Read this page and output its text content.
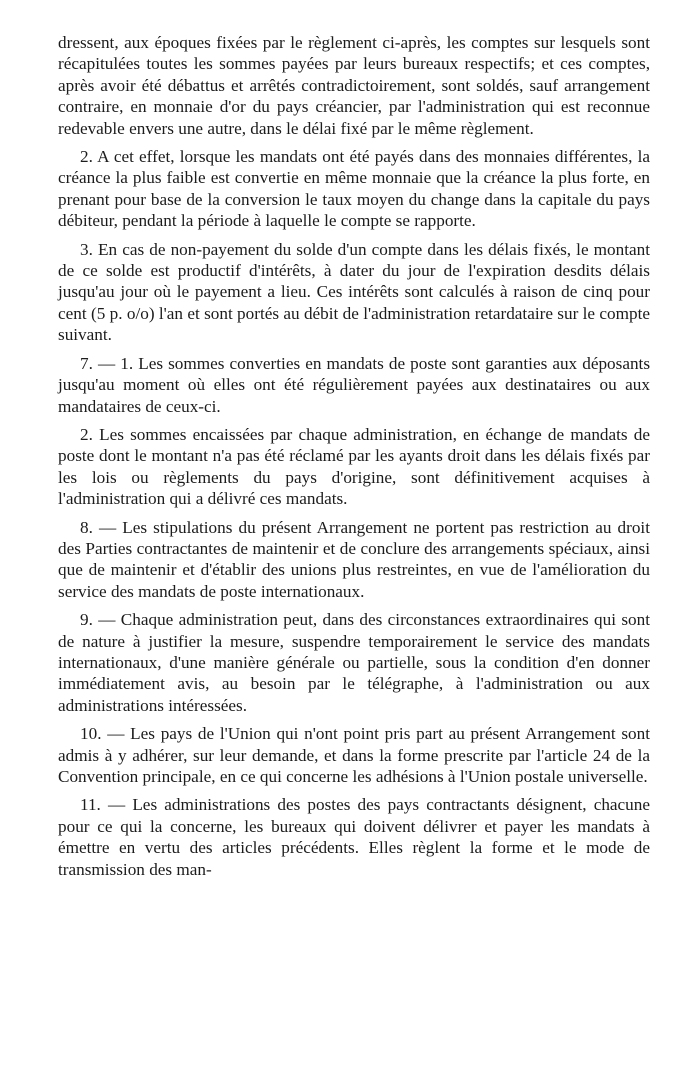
dressent, aux époques fixées par le règlement ci-après, les comptes sur lesquels sont récapitulées toutes les sommes payées par leurs bureaux respectifs; et ces comptes, après avoir été débattus et arrêtés contradictoirement, sont soldés, sauf arrangement contraire, en monnaie d'or du pays créancier, par l'administration qui est reconnue redevable envers une autre, dans le délai fixé par le même règlement.

2. A cet effet, lorsque les mandats ont été payés dans des monnaies différentes, la créance la plus faible est convertie en même monnaie que la créance la plus forte, en prenant pour base de la conversion le taux moyen du change dans la capitale du pays débiteur, pendant la période à laquelle le compte se rapporte.

3. En cas de non-payement du solde d'un compte dans les délais fixés, le montant de ce solde est productif d'intérêts, à dater du jour de l'expiration desdits délais jusqu'au jour où le payement a lieu. Ces intérêts sont calculés à raison de cinq pour cent (5 p. o/o) l'an et sont portés au débit de l'administration retardataire sur le compte suivant.

7. — 1. Les sommes converties en mandats de poste sont garanties aux déposants jusqu'au moment où elles ont été régulièrement payées aux destinataires ou aux mandataires de ceux-ci.

2. Les sommes encaissées par chaque administration, en échange de mandats de poste dont le montant n'a pas été réclamé par les ayants droit dans les délais fixés par les lois ou règlements du pays d'origine, sont définitivement acquises à l'administration qui a délivré ces mandats.

8. — Les stipulations du présent Arrangement ne portent pas restriction au droit des Parties contractantes de maintenir et de conclure des arrangements spéciaux, ainsi que de maintenir et d'établir des unions plus restreintes, en vue de l'amélioration du service des mandats de poste internationaux.

9. — Chaque administration peut, dans des circonstances extraordinaires qui sont de nature à justifier la mesure, suspendre temporairement le service des mandats internationaux, d'une manière générale ou partielle, sous la condition d'en donner immédiatement avis, au besoin par le télégraphe, à l'administration ou aux administrations intéressées.

10. — Les pays de l'Union qui n'ont point pris part au présent Arrangement sont admis à y adhérer, sur leur demande, et dans la forme prescrite par l'article 24 de la Convention principale, en ce qui concerne les adhésions à l'Union postale universelle.

11. — Les administrations des postes des pays contractants désignent, chacune pour ce qui la concerne, les bureaux qui doivent délivrer et payer les mandats à émettre en vertu des articles précédents. Elles règlent la forme et le mode de transmission des man-
